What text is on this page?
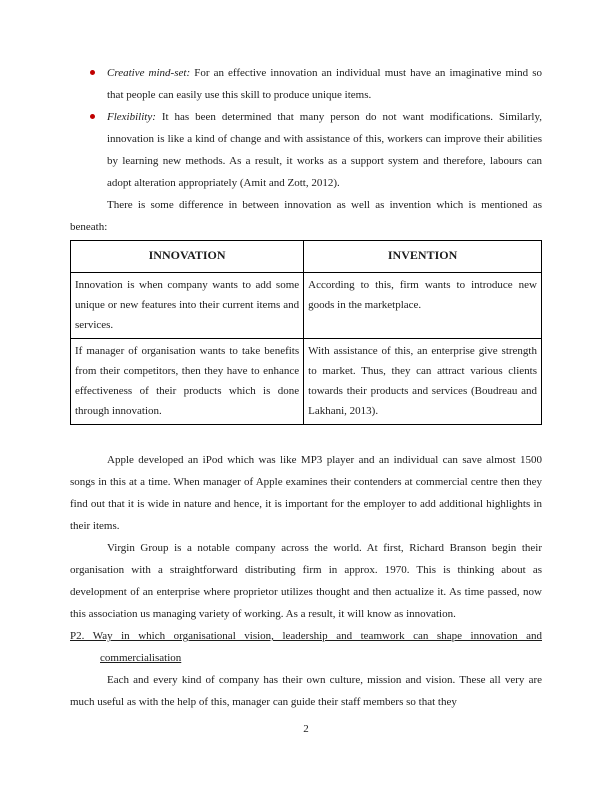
Creative mind-set: For an effective innovation an individual must have an imaginative mind so that people can easily use this skill to produce unique items.
Flexibility: It has been determined that many person do not want modifications. Similarly, innovation is like a kind of change and with assistance of this, workers can improve their abilities by learning new methods. As a result, it works as a support system and therefore, labours can adopt alteration appropriately (Amit and Zott, 2012).

There is some difference in between innovation as well as invention which is mentioned as beneath:

INNOVATION	INVENTION
Innovation is when company wants to add some unique or new features into their current items and services.	According to this, firm wants to introduce new goods in the marketplace.
If manager of organisation wants to take benefits from their competitors, then they have to enhance effectiveness of their products which is done through innovation.	With assistance of this, an enterprise give strength to market. Thus, they can attract various clients towards their products and services (Boudreau and Lakhani, 2013).

Apple developed an iPod which was like MP3 player and an individual can save almost 1500 songs in this at a time. When manager of Apple examines their contenders at commercial centre then they find out that it is wide in nature and hence, it is important for the employer to add additional highlights in their items.

Virgin Group is a notable company across the world. At first, Richard Branson begin their organisation with a straightforward distributing firm in approx. 1970. This is thinking about as development of an enterprise where proprietor utilizes thought and then actualize it. As time passed, now this association us managing variety of working. As a result, it will know as innovation.

P2. Way in which organisational vision, leadership and teamwork can shape innovation and
commercialisation

Each and every kind of company has their own culture, mission and vision. These all very are much useful as with the help of this, manager can guide their staff members so that they

2
